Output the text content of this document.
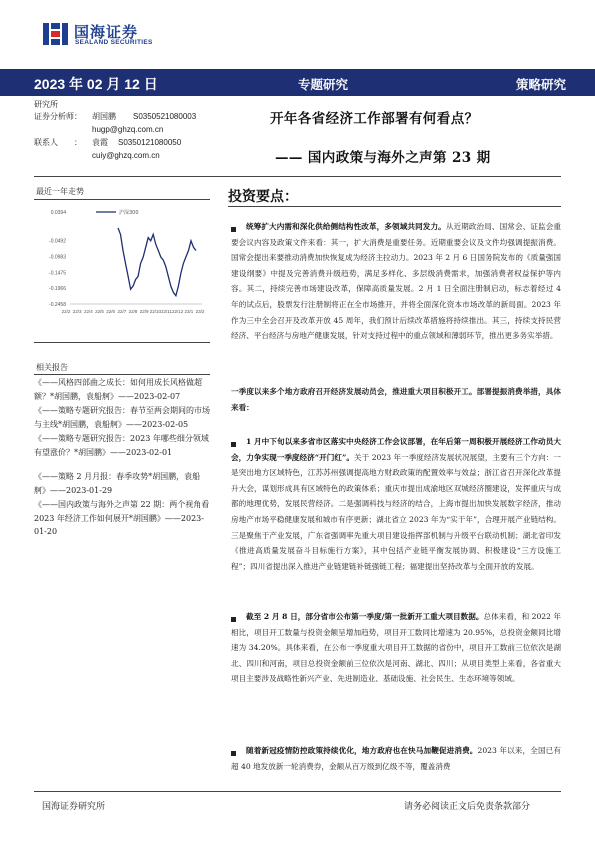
国海证券
SEALAND SECURITIES
2023 年 02 月 12 日	专题研究	策略研究
研究所
证券分析师： 胡国鹏 S0350521080003
hugp@ghzq.com.cn
联系人 ： 袁霞 S0350121080050
cuiy@ghzq.com.cn
开年各省经济工作部署有何看点？
—— 国内政策与海外之声第 23 期
最近一年走势
0.0394
-0.0492
-0.0983
-0.1475
-0.1966
-0.2458
22/2 22/3 22/4 22/5 22/6 22/7 22/8 22/9 22/10 22/11 22/12 23/1 23/2
沪深300
相关报告
《——风格四部曲之成长：如何用成长风格做超额？*胡国鹏，袁船舸》——2023-02-07
《——策略专题研究报告：春节至两会期间的市场与主线*胡国鹏，袁船舸》——2023-02-05
《——策略专题研究报告：2023 年哪些细分领域有望涨价？*胡国鹏》——2023-02-01
《——策略 2 月月报：春季攻势*胡国鹏，袁船舸》——2023-01-29
《——国内政策与海外之声第 22 期：两个视角看2023 年经济工作如何展开*胡国鹏》——2023-01-20
投资要点：
统筹扩大内需和深化供给侧结构性改革，多领域共同发力。从近期政治局、国常会、证监会重要会议内容及政策文件来看：其一，扩大消费是重要任务。近期重要会议及文件均强调提振消费。国常会提出来要推动消费加快恢复成为经济主拉动力。2023 年 2 月 6 日国务院发布的《质量强国建设纲要》中提及完善消费升级趋势，满足多样化、多层级消费需求，加强消费者权益保护等内容。其二，持续完善市场建设改革，保障高质量发展。2 月 1 日全面注册制启动，标志着经过 4 年的试点后，股票发行注册制将正在全市场推开，并将全面深化资本市场改革的新局面。2023 年作为三中全会召开及改革开放 45 周年，我们预计后续改革措施将持续推出。其三，持续支持民营经济、平台经济与房地产健康发展，针对支持过程中的重点领域和薄弱环节，推出更多务实举措。
一季度以来多个地方政府召开经济发展动员会，推进重大项目积极开工。部署提振消费举措，具体来看：
1 月中下旬以来多省市区落实中央经济工作会议部署，在年后第一周积极开展经济工作动员大会，力争实现一季度经济“开门红”。关于 2023 年一季度经济发展状况展望，主要有三个方向：一是突出地方区域特色，江苏苏州强调提高地方财政政策的配置效率与效益；浙江省召开深化改革提升大会，谋划形成具有区域特色的政策体系；重庆市提出成渝地区双城经济圈建设，发挥重庆与成都的地理优势，发展民营经济。二是强调科技与经济的结合，上海市提出加快发展数字经济，推动房地产市场平稳健康发展和城市有序更新；湖北省立 2023 年为“实干年”，合理开展产业链结构。三是聚焦于产业发展，广东省强调率先重大项目建设指挥部机制与升级平台联动机制；湖北省印发《推进高质量发展奋斗目标施行方案》，其中包括产业链平衡发展协调、积极建设“三方设施工程”；四川省提出深入推进产业链建链补链强链工程；福建提出坚持改革与全面开放的发展。
截至 2 月 8 日，部分省市公布第一季度/第一批新开工重大项目数据。总体来看，和 2022 年相比，项目开工数量与投资金额呈增加趋势，项目开工数同比增速为 20.95%，总投资金额同比增速为 34.20%。具体来看，在公布一季度重大项目开工数据的省份中，项目开工数前三位依次是湖北、四川和河南，项目总投资金额前三位依次是河南、湖北、四川；从项目类型上来看，各省重大项目主要涉及战略性新兴产业、先进制造业、基础设施、社会民生、生态环境等领域。
随着新冠疫情防控政策持续优化，地方政府也在快马加鞭促进消费。2023 年以来，全国已有超 40 地发放新一轮消费券，金额从百万级到亿级不等，覆盖消费
国海证券研究所	请务必阅读正文后免责条款部分
